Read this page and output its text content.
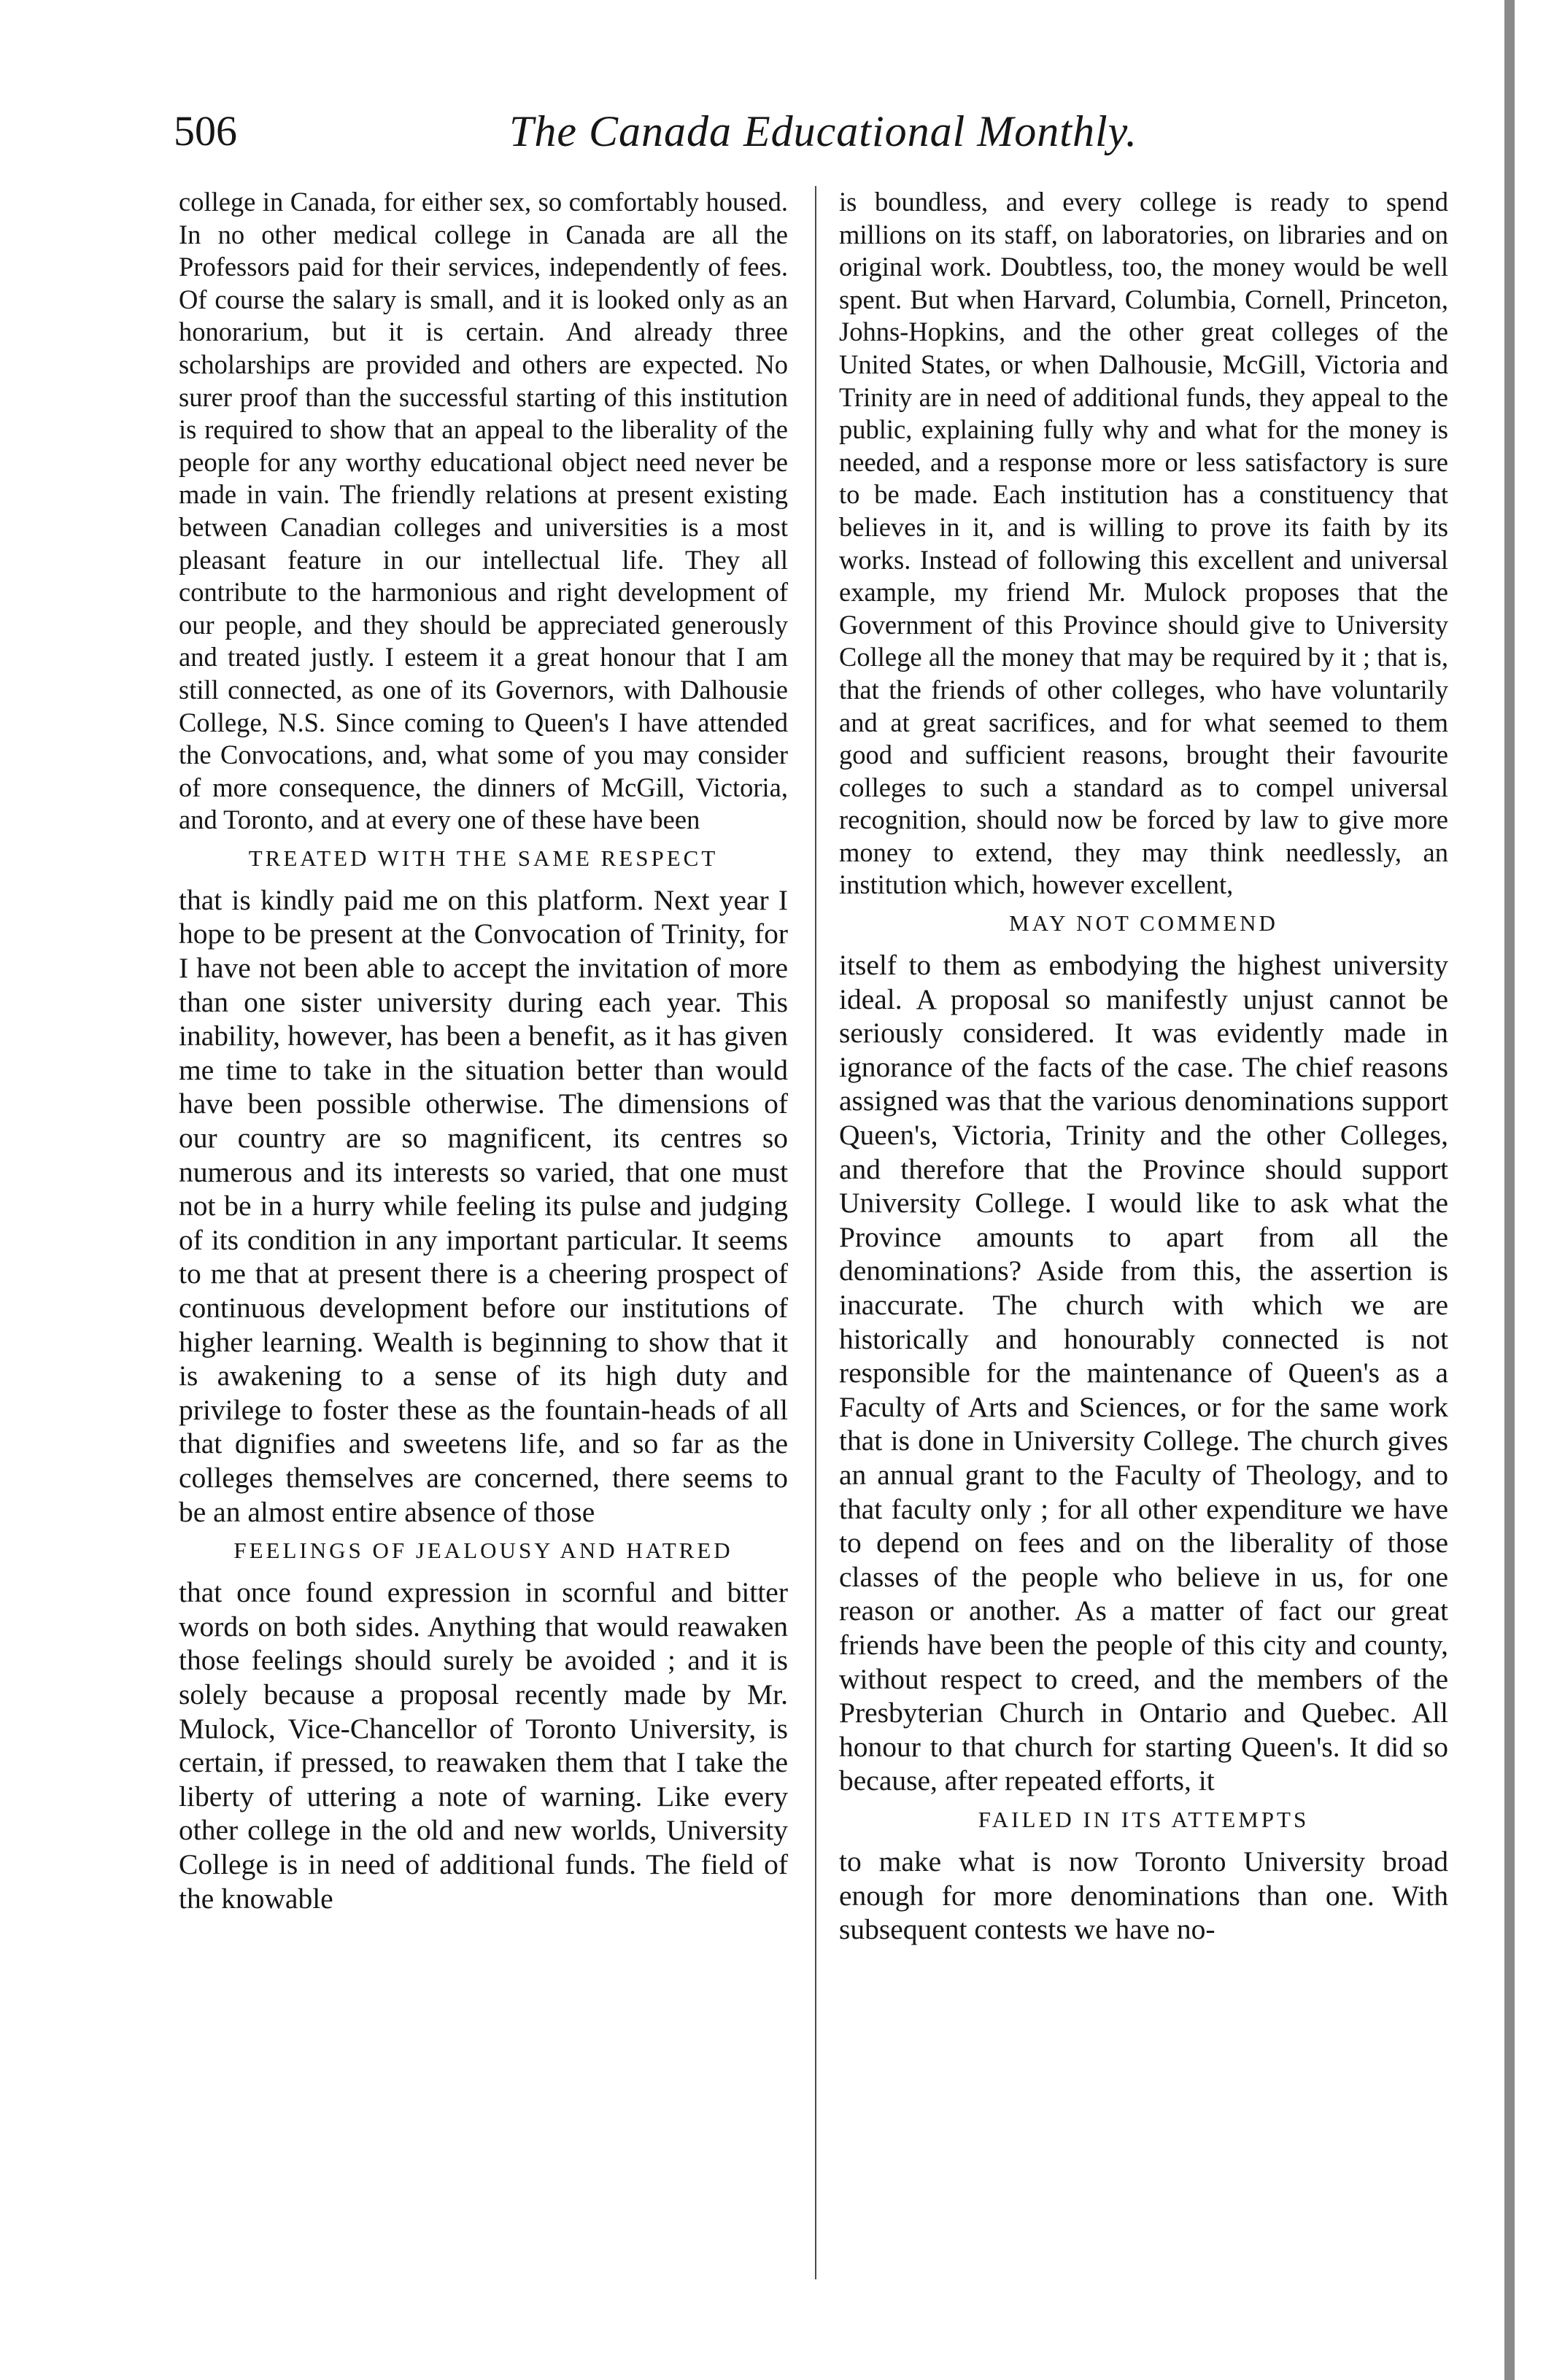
506	The Canada Educational Monthly.

college in Canada, for either sex, so comfortably housed. In no other medical college in Canada are all the Professors paid for their services, independently of fees. Of course the salary is small, and it is looked only as an honorarium, but it is certain. And already three scholarships are provided and others are expected. No surer proof than the successful starting of this institution is required to show that an appeal to the liberality of the people for any worthy educational object need never be made in vain. The friendly relations at present existing between Canadian colleges and universities is a most pleasant feature in our intellectual life. They all contribute to the harmonious and right development of our people, and they should be appreciated generously and treated justly. I esteem it a great honour that I am still connected, as one of its Governors, with Dalhousie College, N.S. Since coming to Queen's I have attended the Convocations, and, what some of you may consider of more consequence, the dinners of McGill, Victoria, and Toronto, and at every one of these have been

TREATED WITH THE SAME RESPECT

that is kindly paid me on this platform. Next year I hope to be present at the Convocation of Trinity, for I have not been able to accept the invitation of more than one sister university during each year. This inability, however, has been a benefit, as it has given me time to take in the situation better than would have been possible otherwise. The dimensions of our country are so magnificent, its centres so numerous and its interests so varied, that one must not be in a hurry while feeling its pulse and judging of its condition in any important particular. It seems to me that at present there is a cheering prospect of continuous development before our institutions of higher learning. Wealth is beginning to show that it is awakening to a sense of its high duty and privilege to foster these as the fountain-heads of all that dignifies and sweetens life, and so far as the colleges themselves are concerned, there seems to be an almost entire absence of those

FEELINGS OF JEALOUSY AND HATRED

that once found expression in scornful and bitter words on both sides. Anything that would reawaken those feelings should surely be avoided ; and it is solely because a proposal recently made by Mr. Mulock, Vice-Chancellor of Toronto University, is certain, if pressed, to reawaken them that I take the liberty of uttering a note of warning. Like every other college in the old and new worlds, University College is in need of additional funds. The field of the knowable

is boundless, and every college is ready to spend millions on its staff, on laboratories, on libraries and on original work. Doubtless, too, the money would be well spent. But when Harvard, Columbia, Cornell, Princeton, Johns-Hopkins, and the other great colleges of the United States, or when Dalhousie, McGill, Victoria and Trinity are in need of additional funds, they appeal to the public, explaining fully why and what for the money is needed, and a response more or less satisfactory is sure to be made. Each institution has a constituency that believes in it, and is willing to prove its faith by its works. Instead of following this excellent and universal example, my friend Mr. Mulock proposes that the Government of this Province should give to University College all the money that may be required by it ; that is, that the friends of other colleges, who have voluntarily and at great sacrifices, and for what seemed to them good and sufficient reasons, brought their favourite colleges to such a standard as to compel universal recognition, should now be forced by law to give more money to extend, they may think needlessly, an institution which, however excellent,

MAY NOT COMMEND

itself to them as embodying the highest university ideal. A proposal so manifestly unjust cannot be seriously considered. It was evidently made in ignorance of the facts of the case. The chief reasons assigned was that the various denominations support Queen's, Victoria, Trinity and the other Colleges, and therefore that the Province should support University College. I would like to ask what the Province amounts to apart from all the denominations? Aside from this, the assertion is inaccurate. The church with which we are historically and honourably connected is not responsible for the maintenance of Queen's as a Faculty of Arts and Sciences, or for the same work that is done in University College. The church gives an annual grant to the Faculty of Theology, and to that faculty only ; for all other expenditure we have to depend on fees and on the liberality of those classes of the people who believe in us, for one reason or another. As a matter of fact our great friends have been the people of this city and county, without respect to creed, and the members of the Presbyterian Church in Ontario and Quebec. All honour to that church for starting Queen's. It did so because, after repeated efforts, it

FAILED IN ITS ATTEMPTS

to make what is now Toronto University broad enough for more denominations than one. With subsequent contests we have no-
